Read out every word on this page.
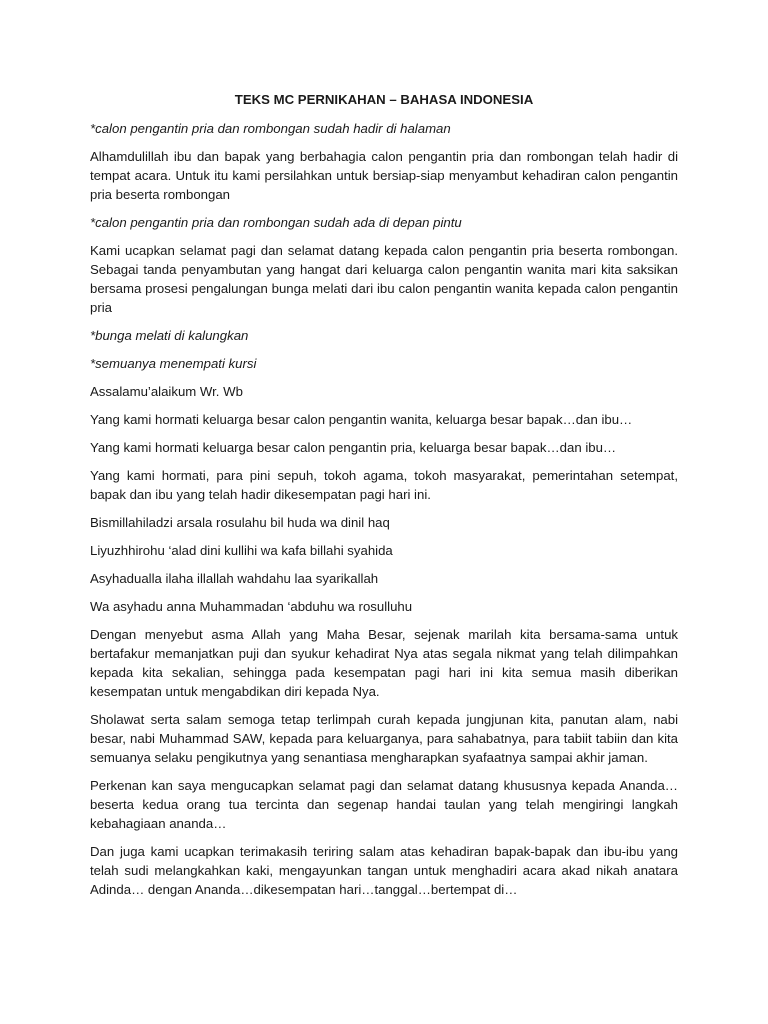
TEKS MC PERNIKAHAN – BAHASA INDONESIA
*calon pengantin pria dan rombongan sudah hadir di halaman
Alhamdulillah ibu dan bapak yang berbahagia calon pengantin pria dan rombongan telah hadir di tempat acara. Untuk itu kami persilahkan untuk bersiap-siap menyambut kehadiran calon pengantin pria beserta rombongan
*calon pengantin pria dan rombongan sudah ada di depan pintu
Kami ucapkan selamat pagi dan selamat datang kepada calon pengantin pria beserta rombongan. Sebagai tanda penyambutan yang hangat dari keluarga calon pengantin wanita mari kita saksikan bersama prosesi pengalungan bunga melati dari ibu calon pengantin wanita kepada calon pengantin pria
*bunga melati di kalungkan
*semuanya menempati kursi
Assalamu’alaikum Wr. Wb
Yang kami hormati keluarga besar calon pengantin wanita, keluarga besar bapak…dan ibu…
Yang kami hormati keluarga besar calon pengantin pria, keluarga besar bapak…dan ibu…
Yang kami hormati, para pini sepuh, tokoh agama, tokoh masyarakat, pemerintahan setempat, bapak dan ibu yang telah hadir dikesempatan pagi hari ini.
Bismillahiladzi arsala rosulahu bil huda wa dinil haq
Liyuzhhirohu ‘alad dini kullihi wa kafa billahi syahida
Asyhadualla ilaha illallah wahdahu laa syarikallah
Wa asyhadu anna Muhammadan ‘abduhu wa rosulluhu
Dengan menyebut asma Allah yang Maha Besar, sejenak marilah kita bersama-sama untuk bertafakur memanjatkan puji dan syukur kehadirat Nya atas segala nikmat yang telah dilimpahkan kepada kita sekalian, sehingga pada kesempatan pagi hari ini kita semua masih diberikan kesempatan untuk mengabdikan diri kepada Nya.
Sholawat serta salam semoga tetap terlimpah curah kepada jungjunan kita, panutan alam, nabi besar, nabi Muhammad SAW, kepada para keluarganya, para sahabatnya, para tabiit tabiin dan kita semuanya selaku pengikutnya yang senantiasa mengharapkan syafaatnya sampai akhir jaman.
Perkenan kan saya mengucapkan selamat pagi dan selamat datang khususnya kepada Ananda…beserta kedua orang tua tercinta dan segenap handai taulan yang telah mengiringi langkah kebahagiaan ananda…
Dan juga kami ucapkan terimakasih teriring salam atas kehadiran bapak-bapak dan ibu-ibu yang telah sudi melangkahkan kaki, mengayunkan tangan untuk menghadiri acara akad nikah anatara Adinda… dengan Ananda…dikesempatan hari…tanggal…bertempat di…
